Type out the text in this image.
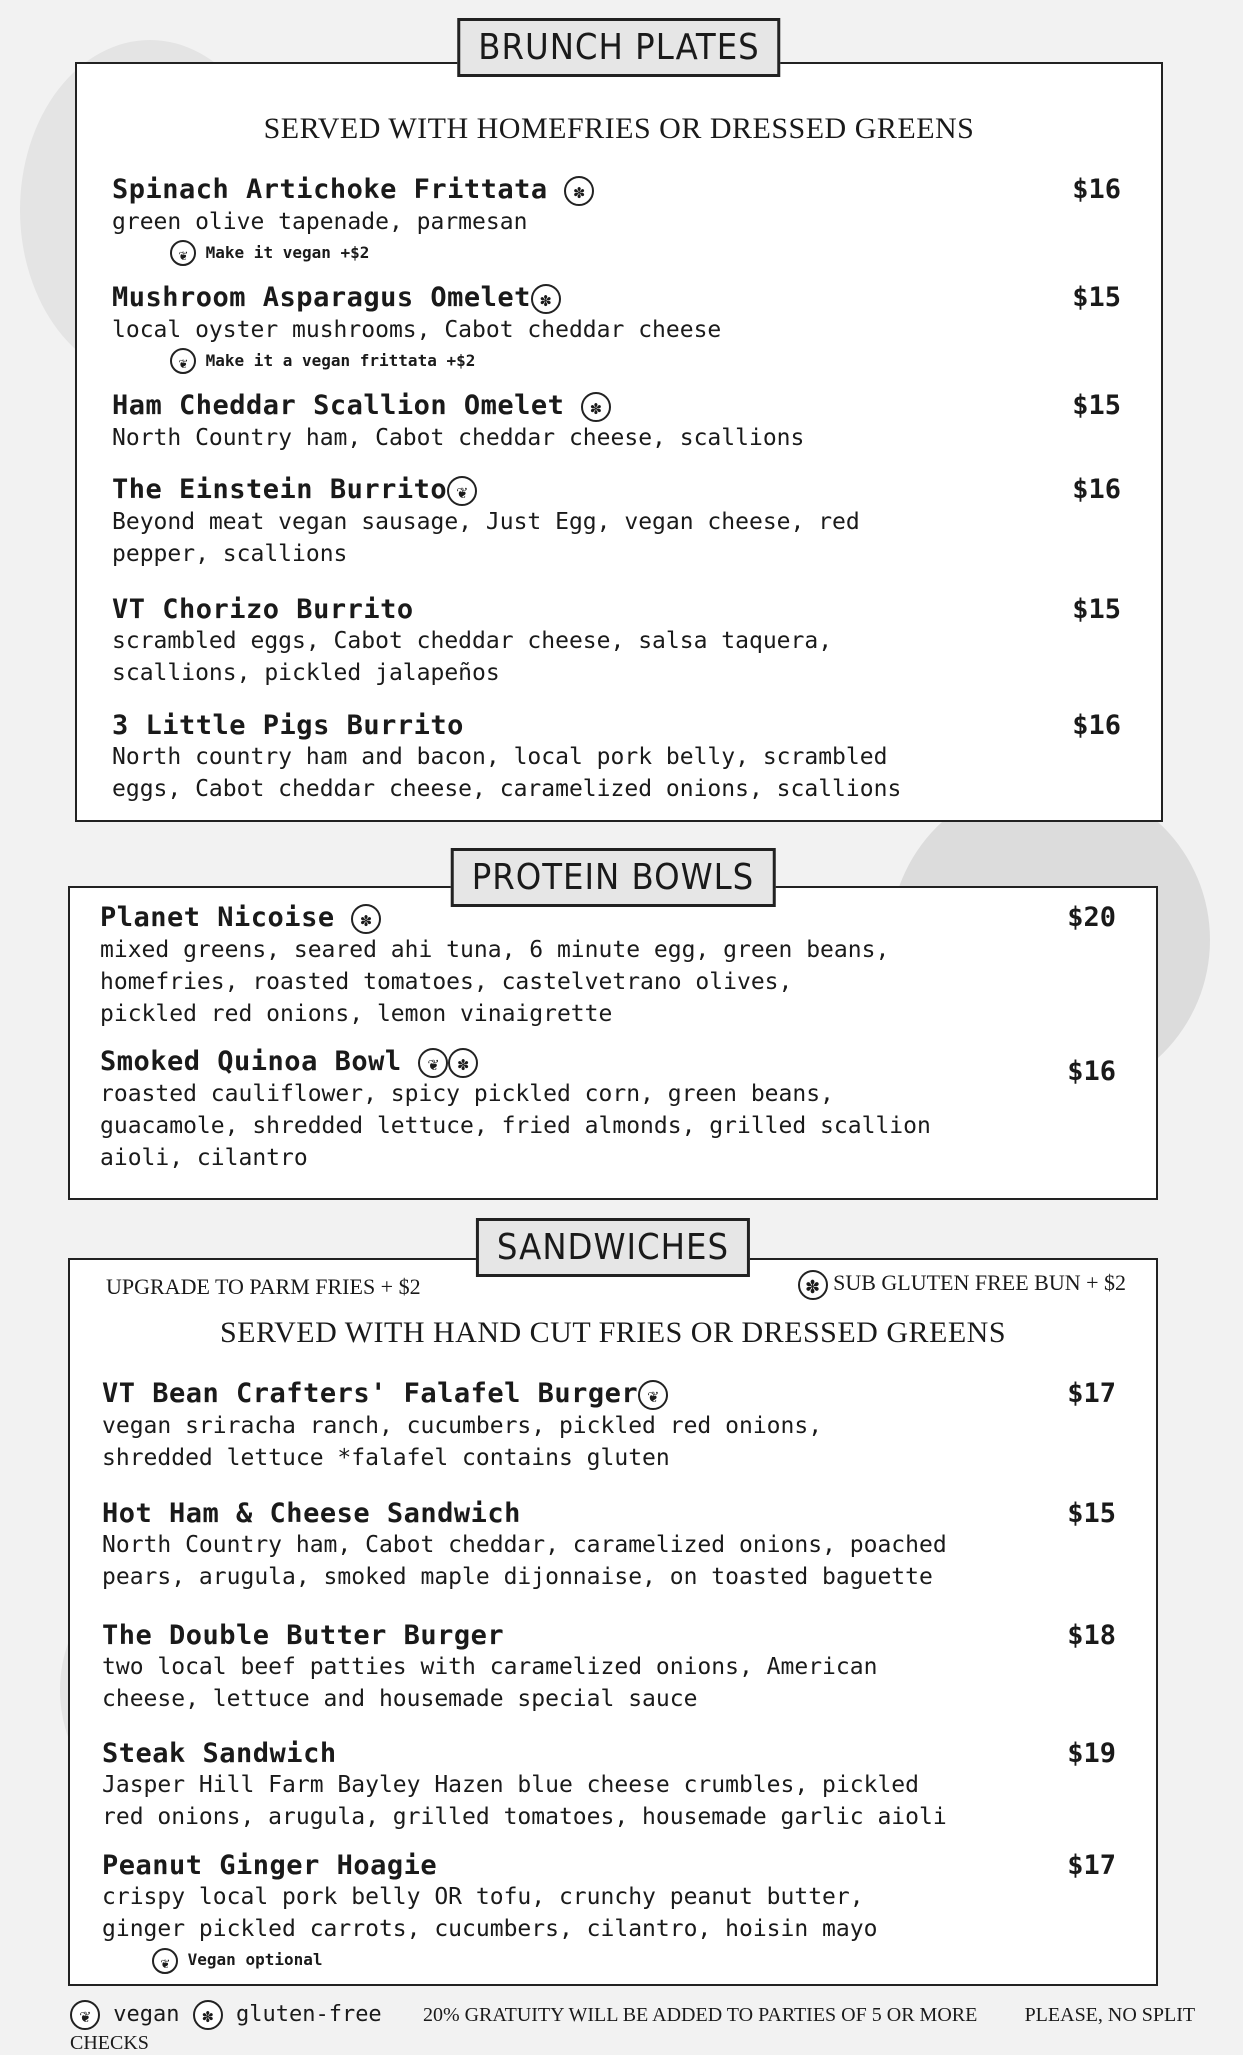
BRUNCH PLATES
SERVED WITH HOMEFRIES OR DRESSED GREENS
Spinach Artichoke Frittata ✽
green olive tapenade, parmesan
❦ Make it vegan +$2
$16
Mushroom Asparagus Omelet ✽
local oyster mushrooms, Cabot cheddar cheese
❦ Make it a vegan frittata +$2
$15
Ham Cheddar Scallion Omelet ✽
North Country ham, Cabot cheddar cheese, scallions
$15
The Einstein Burrito ❦
Beyond meat vegan sausage, Just Egg, vegan cheese, red
pepper, scallions
$16
VT Chorizo Burrito
scrambled eggs, Cabot cheddar cheese, salsa taquera,
scallions, pickled jalapeños
$15
3 Little Pigs Burrito
North country ham and bacon, local pork belly, scrambled
eggs, Cabot cheddar cheese, caramelized onions, scallions
$16
PROTEIN BOWLS
Planet Nicoise ✽
mixed greens, seared ahi tuna, 6 minute egg, green beans,
homefries, roasted tomatoes, castelvetrano olives,
pickled red onions, lemon vinaigrette
$20
Smoked Quinoa Bowl ❦ ✽
roasted cauliflower, spicy pickled corn, green beans,
guacamole, shredded lettuce, fried almonds, grilled scallion
aioli, cilantro
$16
SANDWICHES
UPGRADE TO PARM FRIES + $2	✽ SUB GLUTEN FREE BUN + $2
SERVED WITH HAND CUT FRIES OR DRESSED GREENS
VT Bean Crafters' Falafel Burger ❦
vegan sriracha ranch, cucumbers, pickled red onions,
shredded lettuce *falafel contains gluten
$17
Hot Ham & Cheese Sandwich
North Country ham, Cabot cheddar, caramelized onions, poached
pears, arugula, smoked maple dijonnaise, on toasted baguette
$15
The Double Butter Burger
two local beef patties with caramelized onions, American
cheese, lettuce and housemade special sauce
$18
Steak Sandwich
Jasper Hill Farm Bayley Hazen blue cheese crumbles, pickled
red onions, arugula, grilled tomatoes, housemade garlic aioli
$19
Peanut Ginger Hoagie
crispy local pork belly OR tofu, crunchy peanut butter,
ginger pickled carrots, cucumbers, cilantro, hoisin mayo
❦ Vegan optional
$17
❦ vegan ✽ gluten-free 20% GRATUITY WILL BE ADDED TO PARTIES OF 5 OR MORE PLEASE, NO SPLIT CHECKS
